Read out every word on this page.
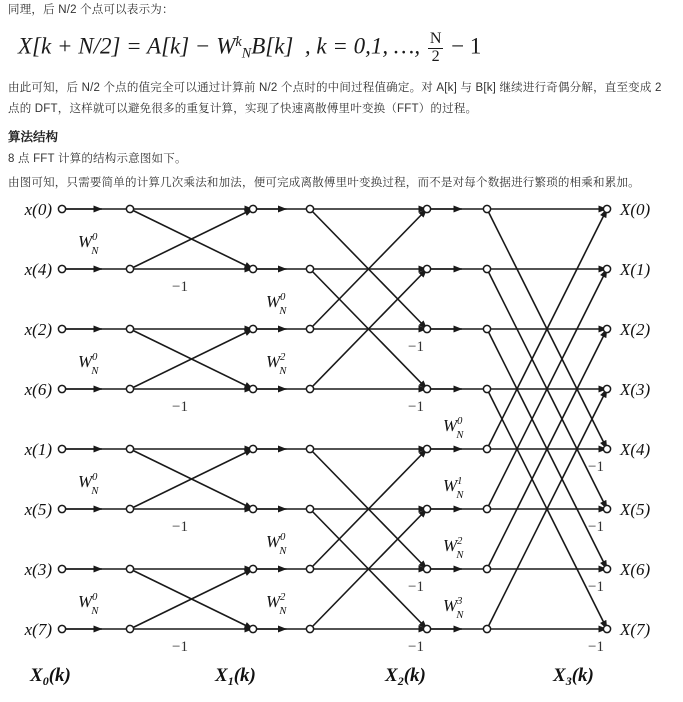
同理，后 N/2 个点可以表示为：

$X[k + N/2] = A[k] - W^k_NB[k]$ , k = 0,1, …, $\frac{N}{2} - 1$

由此可知，后 N/2 个点的值完全可以通过计算前 N/2 个点时的中间过程值确定。对 A[k] 与 B[k] 继续进行奇偶分解，直至变成 2 点的 DFT，这样就可以避免很多的重复计算，实现了快速离散傅里叶变换（FFT）的过程。

算法结构

8 点 FFT 计算的结构示意图如下。

由图可知，只需要简单的计算几次乘法和加法，便可完成离散傅里叶变换过程，而不是对每个数据进行繁琐的相乘和累加。

x(0)
x(4)
x(2)
x(6)
x(1)
x(5)
x(3)
x(7)
X(0)
X(1)
X(2)
X(3)
X(4)
X(5)
X(6)
X(7)
$W^0$ N
−1
$W^0$ N
−1
$W^0$ N
−1
$W^0$ N
−1
−1
−1
$W^0$ N
$W^2$ N
−1
−1
$W^0$ N
$W^2$ N
−1
$W^0$ N
−1
$W^1$ N
−1
$W^2$ N
−1
$W^3$ N
$X_0(k)$	$X_1(k)$	$X_2(k)$	$X_3(k)$
